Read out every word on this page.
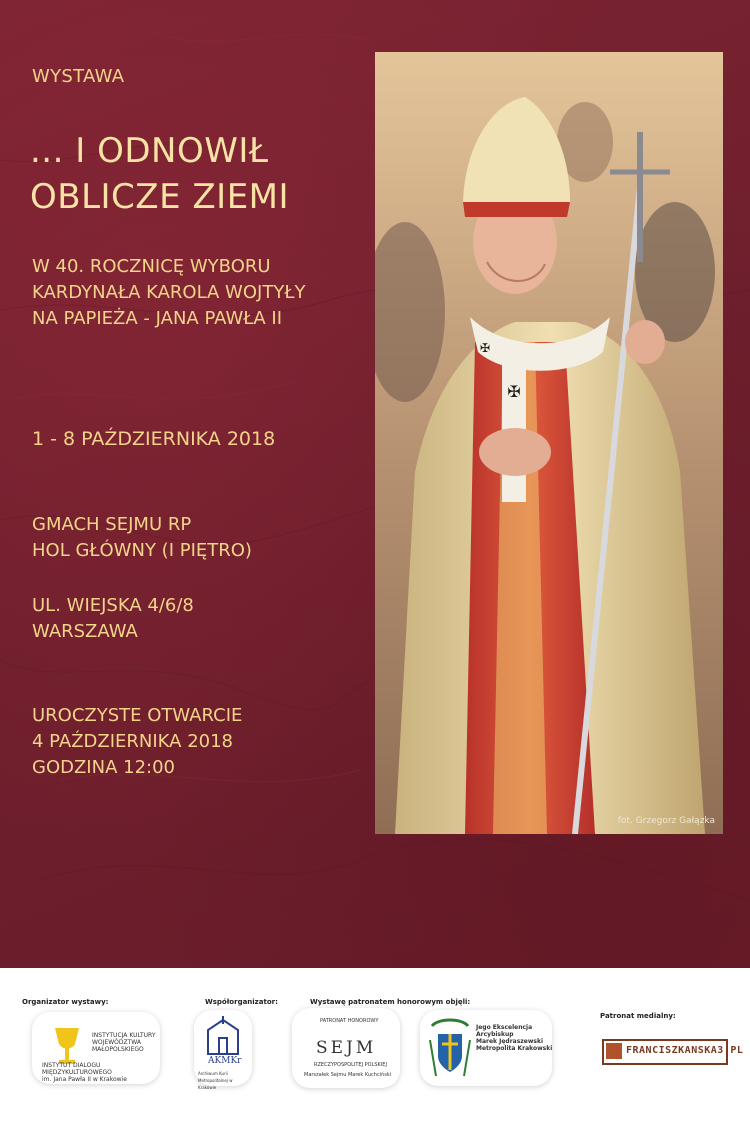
WYSTAWA

... I ODNOWIŁ
OBLICZE ZIEMI

W 40. ROCZNICĘ WYBORU
KARDYNAŁA KAROLA WOJTYŁY
NA PAPIEŻA - JANA PAWŁA II

1 - 8 PAŹDZIERNIKA 2018

GMACH SEJMU RP
HOL GŁÓWNY (I PIĘTRO)

UL. WIEJSKA 4/6/8
WARSZAWA

UROCZYSTE OTWARCIE
4 PAŹDZIERNIKA 2018
GODZINA 12:00

✠
✠
fot. Grzegorz Gałązka
Organizator wystawy:	Współorganizator:	Wystawę patronatem honorowym objęli:
Patronat medialny:
INSTYTUCJA KULTURY
WOJEWÓDZTWA
MAŁOPOLSKIEGO
INSTYTUT DIALOGU
MIĘDZYKULTUROWEGO
im. Jana Pawła II w Krakowie
AKMKr
Archiwum Kurii Metropolitalnej w Krakowie
PATRONAT HONOROWY
SEJM
RZECZYPOSPOLITEJ POLSKIEJ
Marszałek Sejmu Marek Kuchciński
Jego Ekscelencja
Arcybiskup
Marek Jędraszewski
Metropolita Krakowski	FRANCISZKANSKA3.PL
